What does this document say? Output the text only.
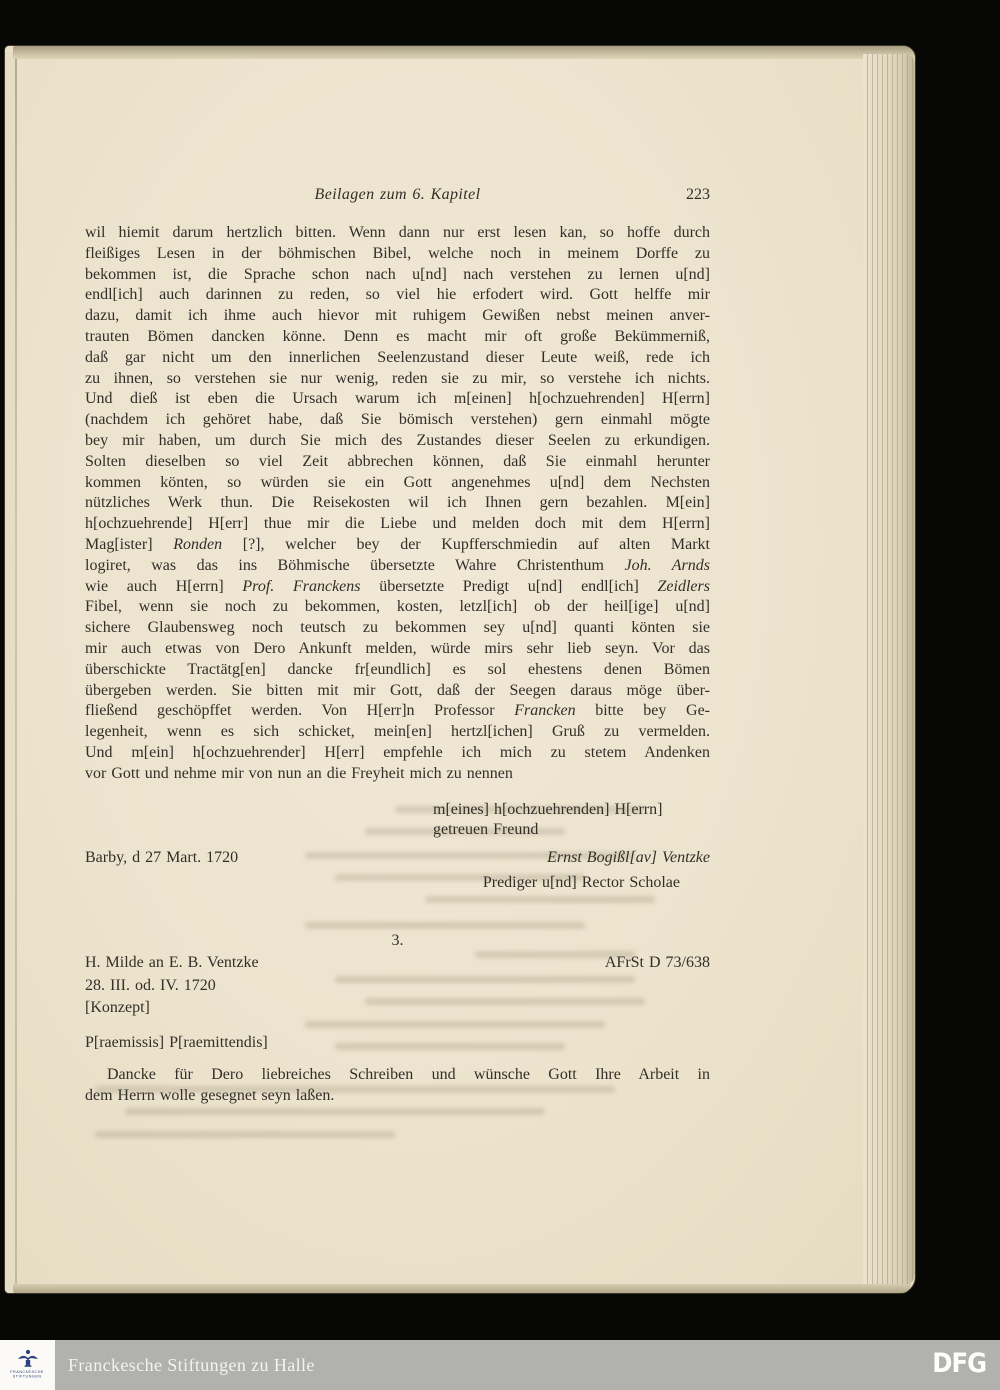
Beilagen zum 6. Kapitel	223
wil hiemit darum hertzlich bitten. Wenn dann nur erst lesen kan, so hoffe durch
fleißiges Lesen in der böhmischen Bibel, welche noch in meinem Dorffe zu
bekommen ist, die Sprache schon nach u[nd] nach verstehen zu lernen u[nd]
endl[ich] auch darinnen zu reden, so viel hie erfodert wird. Gott helffe mir
dazu, damit ich ihme auch hievor mit ruhigem Gewißen nebst meinen anver-
trauten Bömen dancken könne. Denn es macht mir oft große Bekümmerniß,
daß gar nicht um den innerlichen Seelenzustand dieser Leute weiß, rede ich
zu ihnen, so verstehen sie nur wenig, reden sie zu mir, so verstehe ich nichts.
Und dieß ist eben die Ursach warum ich m[einen] h[ochzuehrenden] H[errn]
(nachdem ich gehöret habe, daß Sie bömisch verstehen) gern einmahl mögte
bey mir haben, um durch Sie mich des Zustandes dieser Seelen zu erkundigen.
Solten dieselben so viel Zeit abbrechen können, daß Sie einmahl herunter
kommen könten, so würden sie ein Gott angenehmes u[nd] dem Nechsten
nützliches Werk thun. Die Reisekosten wil ich Ihnen gern bezahlen. M[ein]
h[ochzuehrende] H[err] thue mir die Liebe und melden doch mit dem H[errn]
Mag[ister] Ronden [?], welcher bey der Kupfferschmiedin auf alten Markt
logiret, was das ins Böhmische übersetzte Wahre Christenthum Joh. Arnds
wie auch H[errn] Prof. Franckens übersetzte Predigt u[nd] endl[ich] Zeidlers
Fibel, wenn sie noch zu bekommen, kosten, letzl[ich] ob der heil[ige] u[nd]
sichere Glaubensweg noch teutsch zu bekommen sey u[nd] quanti könten sie
mir auch etwas von Dero Ankunft melden, würde mirs sehr lieb seyn. Vor das
überschickte Tractätg[en] dancke fr[eundlich] es sol ehestens denen Bömen
übergeben werden. Sie bitten mit mir Gott, daß der Seegen daraus möge über-
fließend geschöpffet werden. Von H[err]n Professor Francken bitte bey Ge-
legenheit, wenn es sich schicket, mein[en] hertzl[ichen] Gruß zu vermelden.
Und m[ein] h[ochzuehrender] H[err] empfehle ich mich zu stetem Andenken
vor Gott und nehme mir von nun an die Freyheit mich zu nennen
m[eines] h[ochzuehrenden] H[errn]
getreuen Freund
Barby, d 27 Mart. 1720	Ernst Bogißl[av] Ventzke
Prediger u[nd] Rector Scholae
3.
H. Milde an E. B. Ventzke
28. III. od. IV. 1720
[Konzept]
AFrSt D 73/638
P[raemissis] P[raemittendis]
Dancke für Dero liebreiches Schreiben und wünsche Gott Ihre Arbeit in
dem Herrn wolle gesegnet seyn laßen.
FRANCKESCHE
STIFTUNGEN
Franckesche Stiftungen zu Halle	DFG
